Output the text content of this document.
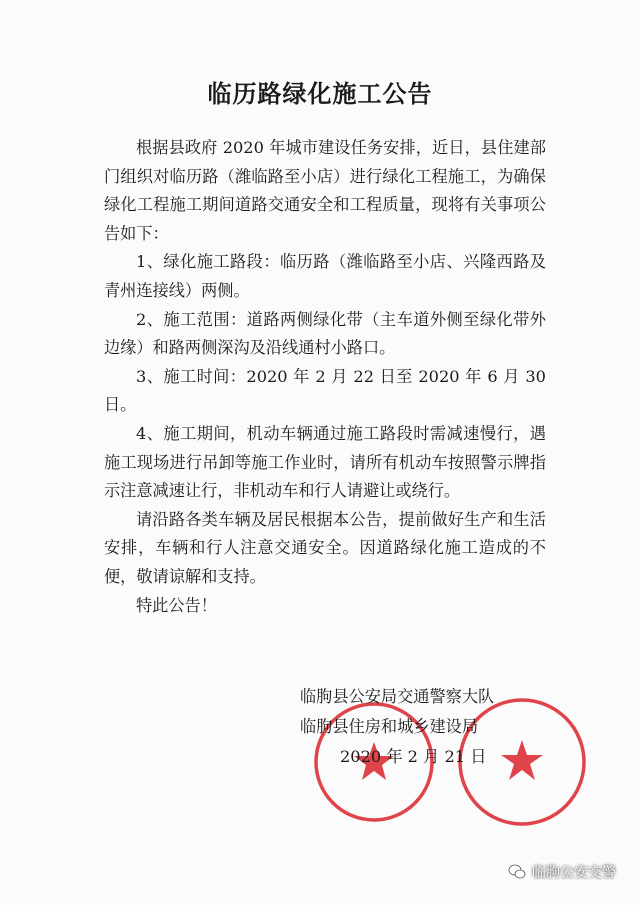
临历路绿化施工公告

根据县政府 2020 年城市建设任务安排，近日，县住建部门组织对临历路（潍临路至小店）进行绿化工程施工，为确保绿化工程施工期间道路交通安全和工程质量，现将有关事项公告如下：

1、绿化施工路段：临历路（潍临路至小店、兴隆西路及青州连接线）两侧。

2、施工范围：道路两侧绿化带（主车道外侧至绿化带外边缘）和路两侧深沟及沿线通村小路口。

3、施工时间：2020 年 2 月 22 日至 2020 年 6 月 30 日。

4、施工期间，机动车辆通过施工路段时需减速慢行，遇施工现场进行吊卸等施工作业时，请所有机动车按照警示牌指示注意减速让行，非机动车和行人请避让或绕行。

请沿路各类车辆及居民根据本公告，提前做好生产和生活安排，车辆和行人注意交通安全。因道路绿化施工造成的不便，敬请谅解和支持。

特此公告！

临朐县公安局交通警察大队
临朐县住房和城乡建设局
2020 年 2 月 21 日
临朐公安交警
